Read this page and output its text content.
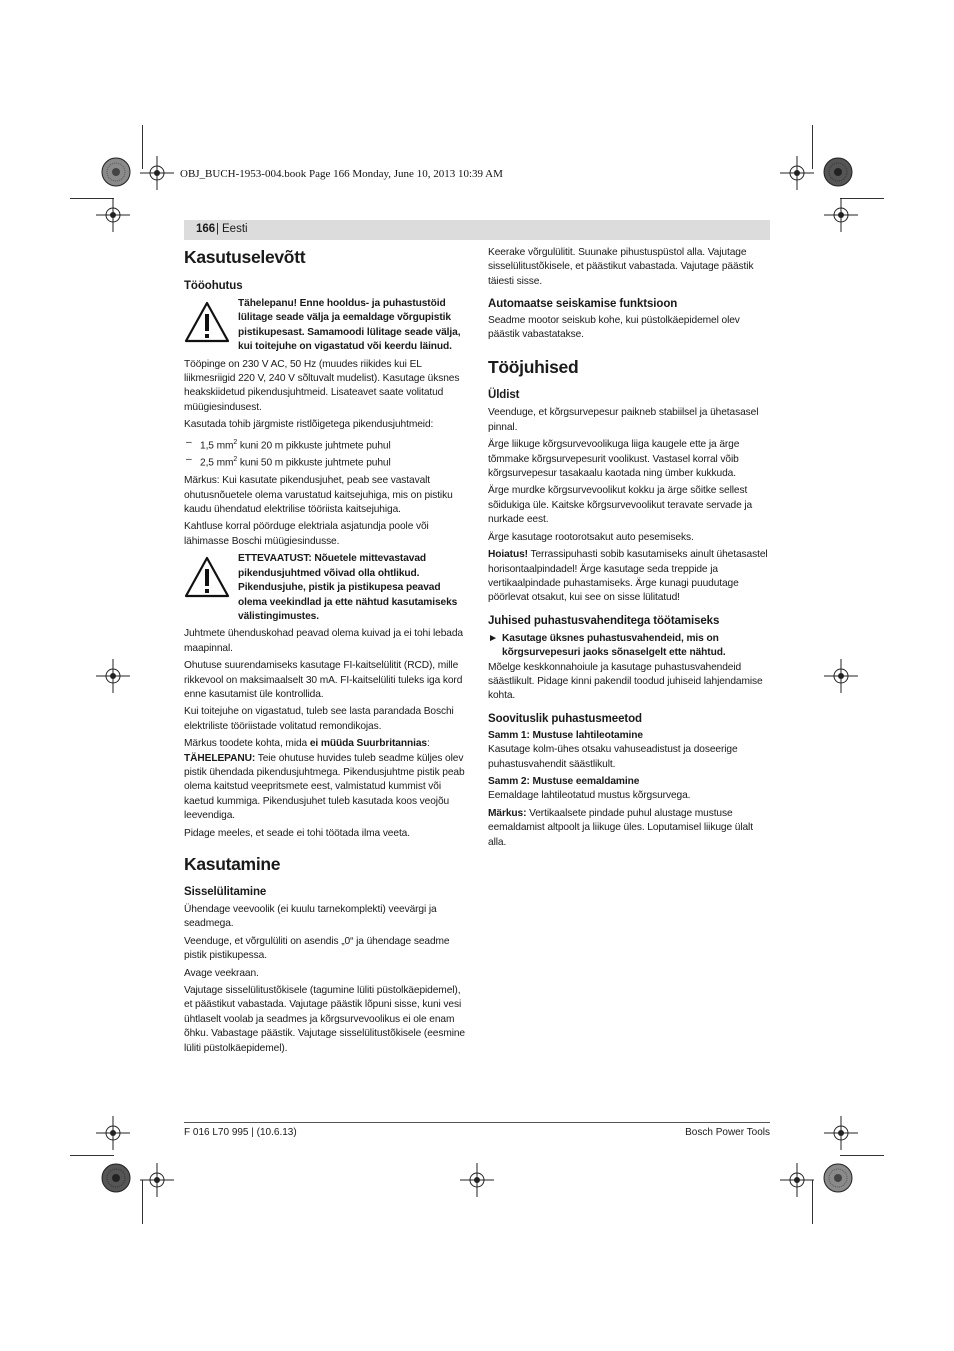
OBJ_BUCH-1953-004.book Page 166 Monday, June 10, 2013 10:39 AM
166 | Eesti
Kasutuselevõtt
Tööohutus
Tähelepanu! Enne hooldus- ja puhastustöid lülitage seade välja ja eemaldage võrgupistik pistikupesast. Samamoodi lülitage seade välja, kui toitejuhe on vigastatud või keerdu läinud.

Tööpinge on 230 V AC, 50 Hz (muudes riikides kui EL liikmesriigid 220 V, 240 V sõltuvalt mudelist). Kasutage üksnes heakskiidetud pikendusjuhtmeid. Lisateavet saate volitatud müügiesindusest.

Kasutada tohib järgmiste ristlõigetega pikendusjuhtmeid:

– 1,5 $mm^2$ kuni 20 m pikkuste juhtmete puhul
– 2,5 $mm^2$ kuni 50 m pikkuste juhtmete puhul

Märkus: Kui kasutate pikendusjuhet, peab see vastavalt ohutusnõuetele olema varustatud kaitsejuhiga, mis on pistiku kaudu ühendatud elektrilise tööriista kaitsejuhiga.

Kahtluse korral pöörduge elektriala asjatundja poole või lähimasse Boschi müügiesindusse.

ETTEVAATUST: Nõuetele mittevastavad pikendusjuhtmed võivad olla ohtlikud. Pikendusjuhe, pistik ja pistikupesa peavad olema veekindlad ja ette nähtud kasutamiseks välistingimustes.

Juhtmete ühenduskohad peavad olema kuivad ja ei tohi lebada maapinnal.

Ohutuse suurendamiseks kasutage FI-kaitselülitit (RCD), mille rikkevool on maksimaalselt 30 mA. FI-kaitselüliti tuleks iga kord enne kasutamist üle kontrollida.

Kui toitejuhe on vigastatud, tuleb see lasta parandada Boschi elektriliste tööriistade volitatud remondikojas.

Märkus toodete kohta, mida ei müüda Suurbritannias:

TÄHELEPANU: Teie ohutuse huvides tuleb seadme küljes olev pistik ühendada pikendusjuhtmega. Pikendusjuhtme pistik peab olema kaitstud veepritsmete eest, valmistatud kummist või kaetud kummiga. Pikendusjuhet tuleb kasutada koos veojõu leevendiga.

Pidage meeles, et seade ei tohi töötada ilma veeta.

Kasutamine
Sisselülitamine

Ühendage veevoolik (ei kuulu tarnekomplekti) veevärgi ja seadmega.

Veenduge, et võrgulüliti on asendis „0“ ja ühendage seadme pistik pistikupessa.

Avage veekraan.

Vajutage sisselülitustõkisele (tagumine lüliti püstolkäepidemel), et päästikut vabastada. Vajutage päästik lõpuni sisse, kuni vesi ühtlaselt voolab ja seadmes ja kõrgsurvevoolikus ei ole enam õhku. Vabastage päästik. Vajutage sisselülitustõkisele (eesmine lüliti püstolkäepidemel).

Keerake võrgulülitit. Suunake pihustuspüstol alla. Vajutage sisselülitustõkisele, et päästikut vabastada. Vajutage päästik täiesti sisse.

Automaatse seiskamise funktsioon

Seadme mootor seiskub kohe, kui püstolkäepidemel olev päästik vabastatakse.

Tööjuhised
Üldist

Veenduge, et kõrgsurvepesur paikneb stabiilsel ja ühetasasel pinnal.

Ärge liikuge kõrgsurvevoolikuga liiga kaugele ette ja ärge tõmmake kõrgsurvepesurit voolikust. Vastasel korral võib kõrgsurvepesur tasakaalu kaotada ning ümber kukkuda.

Ärge murdke kõrgsurvevoolikut kokku ja ärge sõitke sellest sõidukiga üle. Kaitske kõrgsurvevoolikut teravate servade ja nurkade eest.

Ärge kasutage rootorotsakut auto pesemiseks.

Hoiatus! Terrassipuhasti sobib kasutamiseks ainult ühetasastel horisontaalpindadel! Ärge kasutage seda treppide ja vertikaalpindade puhastamiseks. Ärge kunagi puudutage pöörlevat otsakut, kui see on sisse lülitatud!

Juhised puhastusvahenditega töötamiseks
► Kasutage üksnes puhastusvahendeid, mis on kõrgsurvepesuri jaoks sõnaselgelt ette nähtud.

Mõelge keskkonnahoiule ja kasutage puhastusvahendeid säästlikult. Pidage kinni pakendil toodud juhiseid lahjendamise kohta.

Soovituslik puhastusmeetod
Samm 1: Mustuse lahtileotamine

Kasutage kolm-ühes otsaku vahuseadistust ja doseerige puhastusvahendit säästlikult.

Samm 2: Mustuse eemaldamine

Eemaldage lahtileotatud mustus kõrgsurvega.

Märkus: Vertikaalsete pindade puhul alustage mustuse eemaldamist altpoolt ja liikuge üles. Loputamisel liikuge ülalt alla.

F 016 L70 995 | (10.6.13)	Bosch Power Tools
